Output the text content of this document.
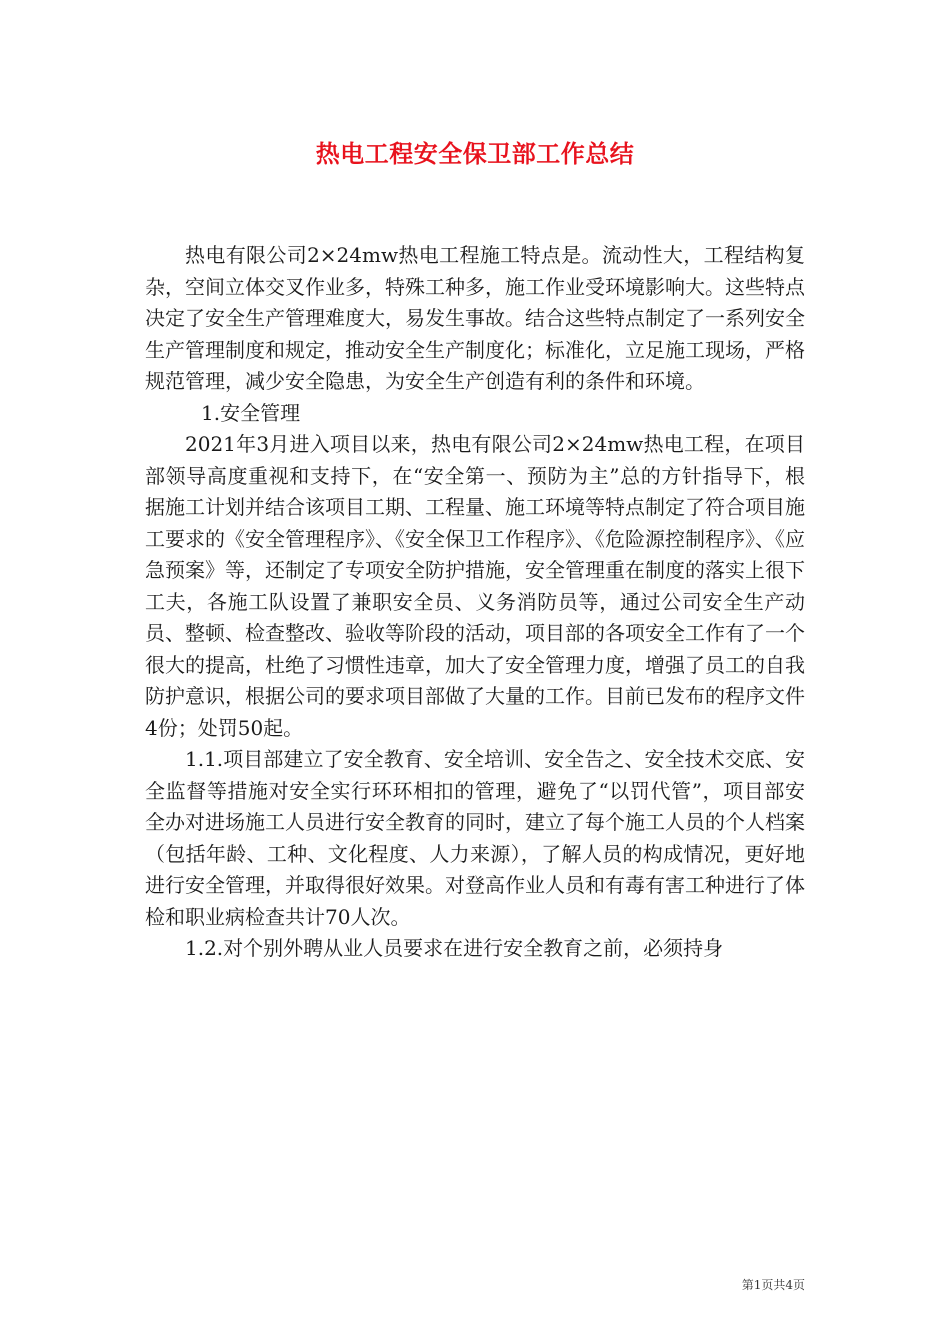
热电工程安全保卫部工作总结

热电有限公司2×24mw热电工程施工特点是。流动性大，工程结构复杂，空间立体交叉作业多，特殊工种多，施工作业受环境影响大。这些特点决定了安全生产管理难度大，易发生事故。结合这些特点制定了一系列安全生产管理制度和规定，推动安全生产制度化；标准化，立足施工现场，严格规范管理，减少安全隐患，为安全生产创造有利的条件和环境。

1.安全管理

2021年3月进入项目以来，热电有限公司2×24mw热电工程，在项目部领导高度重视和支持下，在“安全第一、预防为主”总的方针指导下，根据施工计划并结合该项目工期、工程量、施工环境等特点制定了符合项目施工要求的《安全管理程序》、《安全保卫工作程序》、《危险源控制程序》、《应急预案》等，还制定了专项安全防护措施，安全管理重在制度的落实上很下工夫，各施工队设置了兼职安全员、义务消防员等，通过公司安全生产动员、整顿、检查整改、验收等阶段的活动，项目部的各项安全工作有了一个很大的提高，杜绝了习惯性违章，加大了安全管理力度，增强了员工的自我防护意识，根据公司的要求项目部做了大量的工作。目前已发布的程序文件4份；处罚50起。

1.1.项目部建立了安全教育、安全培训、安全告之、安全技术交底、安全监督等措施对安全实行环环相扣的管理，避免了“以罚代管”，项目部安全办对进场施工人员进行安全教育的同时，建立了每个施工人员的个人档案（包括年龄、工种、文化程度、人力来源），了解人员的构成情况，更好地进行安全管理，并取得很好效果。对登高作业人员和有毒有害工种进行了体检和职业病检查共计70人次。

1.2.对个别外聘从业人员要求在进行安全教育之前，必须持身

第1页共4页
